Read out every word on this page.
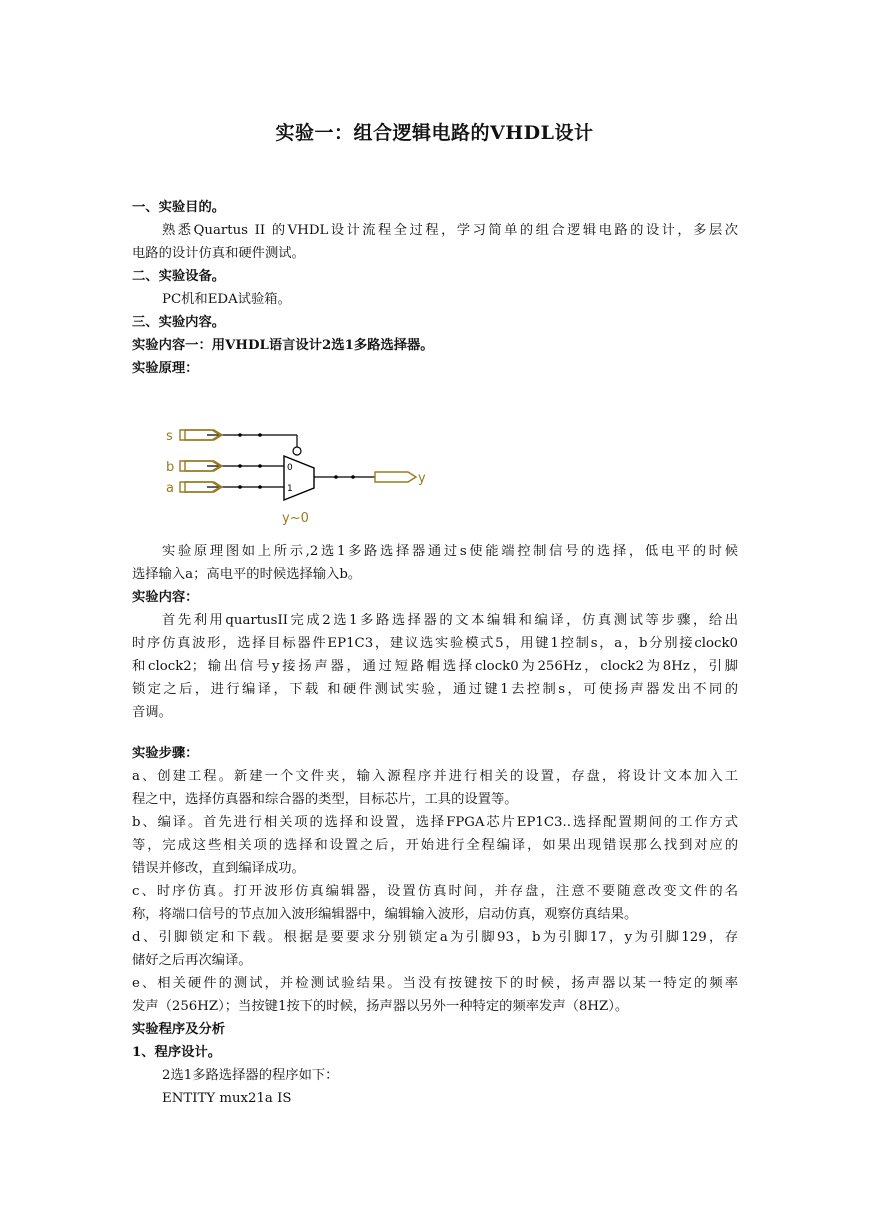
实验一：组合逻辑电路的VHDL设计
一、实验目的。
熟悉Quartus II 的VHDL设计流程全过程，学习简单的组合逻辑电路的设计，多层次
电路的设计仿真和硬件测试。
二、实验设备。
PC机和EDA试验箱。
三、实验内容。
实验内容一：用VHDL语言设计2选1多路选择器。
实验原理：
s
b
a
0
1
y
y~0
实验原理图如上所示,2选1多路选择器通过s使能端控制信号的选择，低电平的时候
选择输入a；高电平的时候选择输入b。
实验内容：
首先利用quartusII完成2选1多路选择器的文本编辑和编译，仿真测试等步骤，给出
时序仿真波形，选择目标器件EP1C3，建议选实验模式5，用键1控制s，a，b分别接clock0
和clock2；输出信号y接扬声器，通过短路帽选择clock0为256Hz，clock2为8Hz，引脚
锁定之后，进行编译，下载 和硬件测试实验，通过键1去控制s，可使扬声器发出不同的
音调。
实验步骤：
a、创建工程。新建一个文件夹，输入源程序并进行相关的设置，存盘，将设计文本加入工
程之中，选择仿真器和综合器的类型，目标芯片，工具的设置等。
b、编译。首先进行相关项的选择和设置，选择FPGA芯片EP1C3..选择配置期间的工作方式
等，完成这些相关项的选择和设置之后，开始进行全程编译，如果出现错误那么找到对应的
错误并修改，直到编译成功。
c、时序仿真。打开波形仿真编辑器，设置仿真时间，并存盘，注意不要随意改变文件的名
称，将端口信号的节点加入波形编辑器中，编辑输入波形，启动仿真，观察仿真结果。
d、引脚锁定和下载。根据是要要求分别锁定a为引脚93，b为引脚17，y为引脚129，存
储好之后再次编译。
e、相关硬件的测试，并检测试验结果。当没有按键按下的时候，扬声器以某一特定的频率
发声（256HZ）；当按键1按下的时候，扬声器以另外一种特定的频率发声（8HZ）。
实验程序及分析
1、程序设计。
2选1多路选择器的程序如下：
ENTITY mux21a IS
